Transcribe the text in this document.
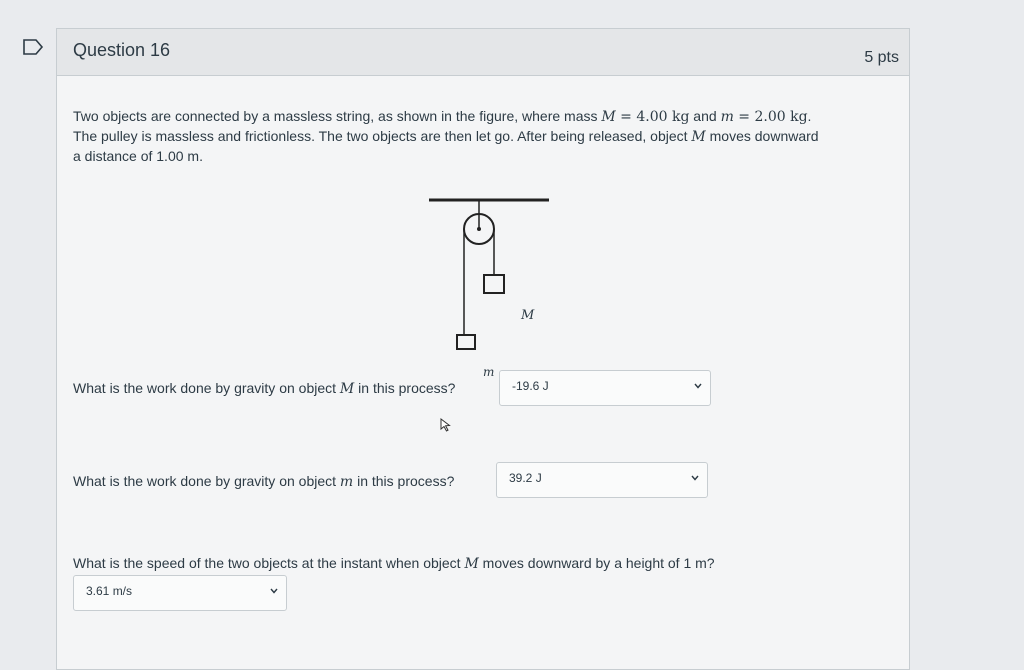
Question 16	5 pts
Two objects are connected by a massless string, as shown in the figure, where mass M = 4.00 kg and m = 2.00 kg.
The pulley is massless and frictionless. The two objects are then let go. After being released, object M moves downward
a distance of 1.00 m.
M
m
What is the work done by gravity on object M in this process?	-19.6 J
What is the work done by gravity on object m in this process?	39.2 J
What is the speed of the two objects at the instant when object M moves downward by a height of 1 m?
3.61 m/s
